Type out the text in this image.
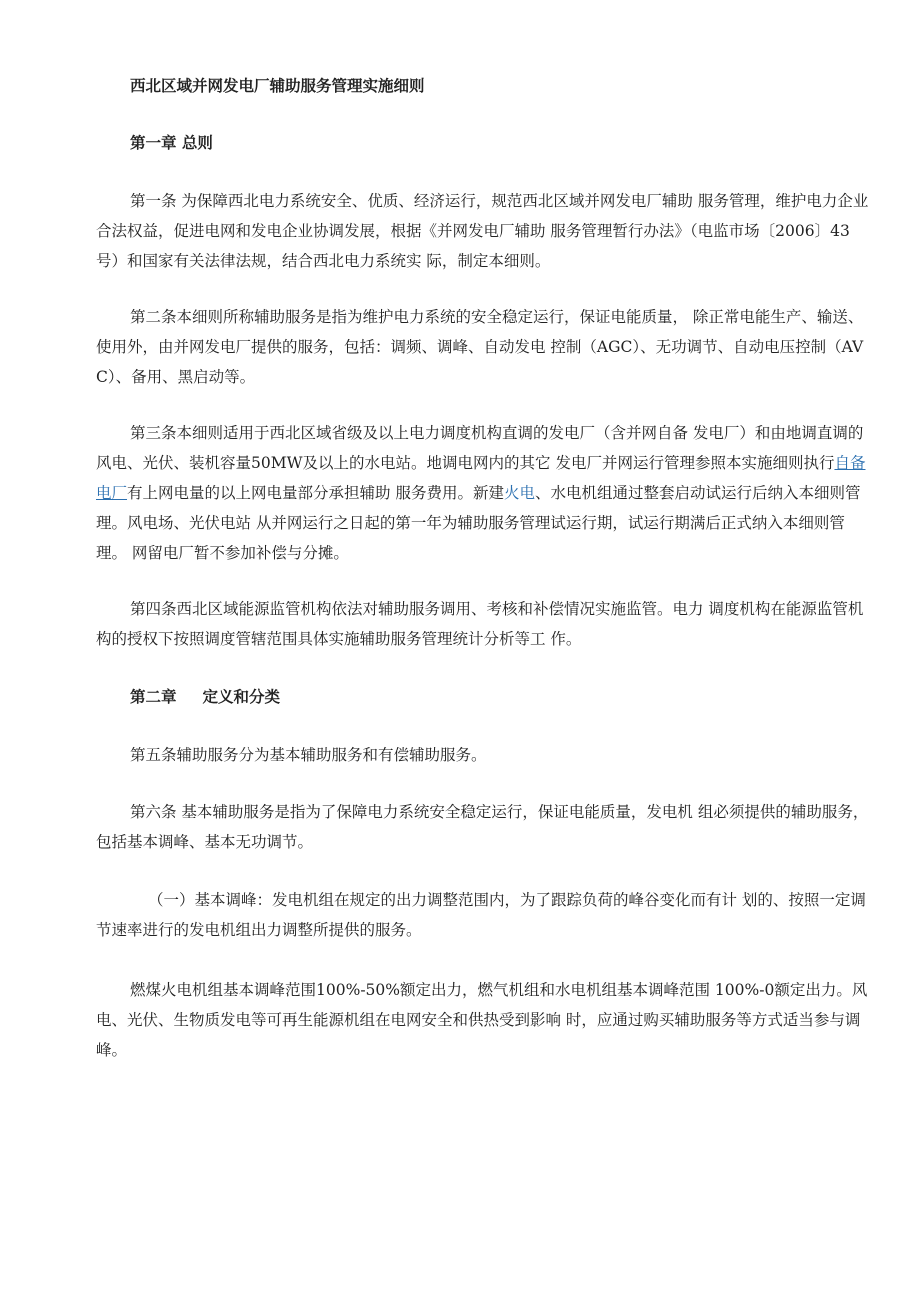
西北区域并网发电厂辅助服务管理实施细则

第一章 总则

第一条 为保障西北电力系统安全、优质、经济运行，规范西北区域并网发电厂辅助 服务管理，维护电力企业合法权益，促进电网和发电企业协调发展，根据《并网发电厂辅助 服务管理暂行办法》（电监市场〔2006〕43号）和国家有关法律法规，结合西北电力系统实 际，制定本细则。

第二条本细则所称辅助服务是指为维护电力系统的安全稳定运行，保证电能质量， 除正常电能生产、输送、使用外，由并网发电厂提供的服务，包括：调频、调峰、自动发电 控制（AGC）、无功调节、自动电压控制（AVC）、备用、黑启动等。

第三条本细则适用于西北区域省级及以上电力调度机构直调的发电厂（含并网自备 发电厂）和由地调直调的风电、光伏、装机容量50MW及以上的水电站。地调电网内的其它 发电厂并网运行管理参照本实施细则执行自备电厂有上网电量的以上网电量部分承担辅助 服务费用。新建火电、水电机组通过整套启动试运行后纳入本细则管理。风电场、光伏电站 从并网运行之日起的第一年为辅助服务管理试运行期，试运行期满后正式纳入本细则管理。 网留电厂暂不参加补偿与分摊。

第四条西北区域能源监管机构依法对辅助服务调用、考核和补偿情况实施监管。电力 调度机构在能源监管机构的授权下按照调度管辖范围具体实施辅助服务管理统计分析等工 作。

第二章 定义和分类

第五条辅助服务分为基本辅助服务和有偿辅助服务。

第六条 基本辅助服务是指为了保障电力系统安全稳定运行，保证电能质量，发电机 组必须提供的辅助服务，包括基本调峰、基本无功调节。

（一）基本调峰：发电机组在规定的出力调整范围内，为了跟踪负荷的峰谷变化而有计 划的、按照一定调节速率进行的发电机组出力调整所提供的服务。

燃煤火电机组基本调峰范围100%-50%额定出力，燃气机组和水电机组基本调峰范围 100%-0额定出力。风电、光伏、生物质发电等可再生能源机组在电网安全和供热受到影响 时，应通过购买辅助服务等方式适当参与调峰。
